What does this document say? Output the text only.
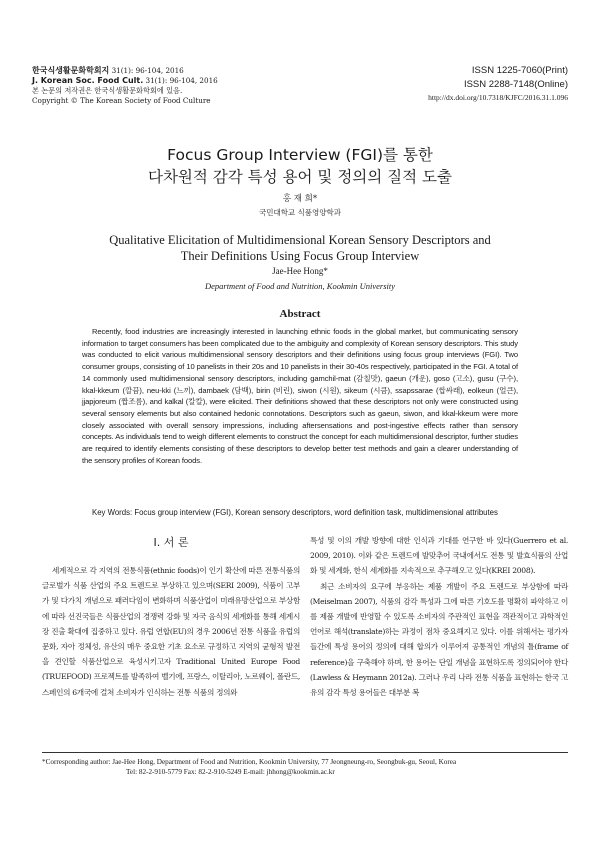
한국식생활문화학회지 31(1): 96-104, 2016
J. Korean Soc. Food Cult. 31(1): 96-104, 2016
본 논문의 저작권은 한국식생활문화학회에 있음.
Copyright © The Korean Society of Food Culture
ISSN 1225-7060(Print)
ISSN 2288-7148(Online)
http://dx.doi.org/10.7318/KJFC/2016.31.1.096
Focus Group Interview (FGI)를 통한
다차원적 감각 특성 용어 및 정의의 질적 도출
홍 재 희*
국민대학교 식품영양학과
Qualitative Elicitation of Multidimensional Korean Sensory Descriptors and
Their Definitions Using Focus Group Interview
Jae-Hee Hong*
Department of Food and Nutrition, Kookmin University
Abstract
Recently, food industries are increasingly interested in launching ethnic foods in the global market, but communicating sensory information to target consumers has been complicated due to the ambiguity and complexity of Korean sensory descriptors. This study was conducted to elicit various multidimensional sensory descriptors and their definitions using focus group interviews (FGI). Two consumer groups, consisting of 10 panelists in their 20s and 10 panelists in their 30-40s respectively, participated in the FGI. A total of 14 commonly used multidimensional sensory descriptors, including gamchil-mat (감칠맛), gaeun (개운), goso (고소), gusu (구수), kkal-kkeum (깔끔), neu-kki (느끼), dambaek (담백), birin (비린), siwon (시원), sikeum (시큼), ssapssarae (쌉싸래), eolkeun (얼큰), jjapjoreum (짭조름), and kalkal (칼칼), were elicited. Their definitions showed that these descriptors not only were constructed using several sensory elements but also contained hedonic connotations. Descriptors such as gaeun, siwon, and kkal-kkeum were more closely associated with overall sensory impressions, including aftersensations and post-ingestive effects rather than sensory concepts. As individuals tend to weigh different elements to construct the concept for each multidimensional descriptor, further studies are required to identify elements consisting of these descriptors to develop better test methods and gain a clearer understanding of the sensory profiles of Korean foods.
Key Words: Focus group interview (FGI), Korean sensory descriptors, word definition task, multidimensional attributes
Ⅰ. 서 론

세계적으로 각 지역의 전통식품(ethnic foods)이 인기 확산에 따른 전통식품의 글로벌가 식품 산업의 주요 트렌드로 부상하고 있으며(SERI 2009), 식품이 고부가 및 다가치 개념으로 패러다임이 변화하며 식품산업이 미래유망산업으로 부상함에 따라 선진국들은 식품산업의 경쟁력 강화 및 자국 음식의 세계화를 통해 세계시장 진출 확대에 집중하고 있다. 유럽 연합(EU)의 경우 2006년 전통 식품을 유럽의 문화, 자아 정체성, 유산의 매우 중요한 기초 요소로 규정하고 지역의 균형적 발전을 견인할 식품산업으로 육성시키고자 Traditional United Europe Food (TRUEFOOD) 프로젝트를 발족하여 벨기에, 프랑스, 이탈리아, 노르웨이, 폴란드, 스페인의 6개국에 걸쳐 소비자가 인식하는 전통 식품의 정의와

특성 및 이의 개발 방향에 대한 인식과 기대를 연구한 바 있다(Guerrero et al. 2009, 2010). 이와 같은 트렌드에 발맞추어 국내에서도 전통 및 발효식품의 산업화 및 세계화, 한식 세계화를 지속적으로 추구해오고 있다(KREI 2008).

최근 소비자의 요구에 부응하는 제품 개발이 주요 트렌드로 부상함에 따라(Meiselman 2007), 식품의 감각 특성과 그에 따른 기호도를 명확히 파악하고 이를 제품 개발에 반영할 수 있도록 소비자의 주관적인 표현을 객관적이고 과학적인 언어로 해석(translate)하는 과정이 점차 중요해지고 있다. 이를 위해서는 평가자들간에 특성 용어의 정의에 대해 합의가 이루어져 공통적인 개념의 틀(frame of reference)을 구축해야 하며, 한 용어는 단일 개념을 표현하도록 정의되어야 한다(Lawless & Heymann 2012a). 그러나 우리 나라 전통 식품을 표현하는 한국 고유의 감각 특성 용어들은 대부분 복

*Corresponding author: Jae-Hee Hong, Department of Food and Nutrition, Kookmin University, 77 Jeongneung-ro, Seongbuk-gu, Seoul, Korea
Tel: 82-2-910-5779 Fax: 82-2-910-5249 E-mail: jhhong@kookmin.ac.kr
